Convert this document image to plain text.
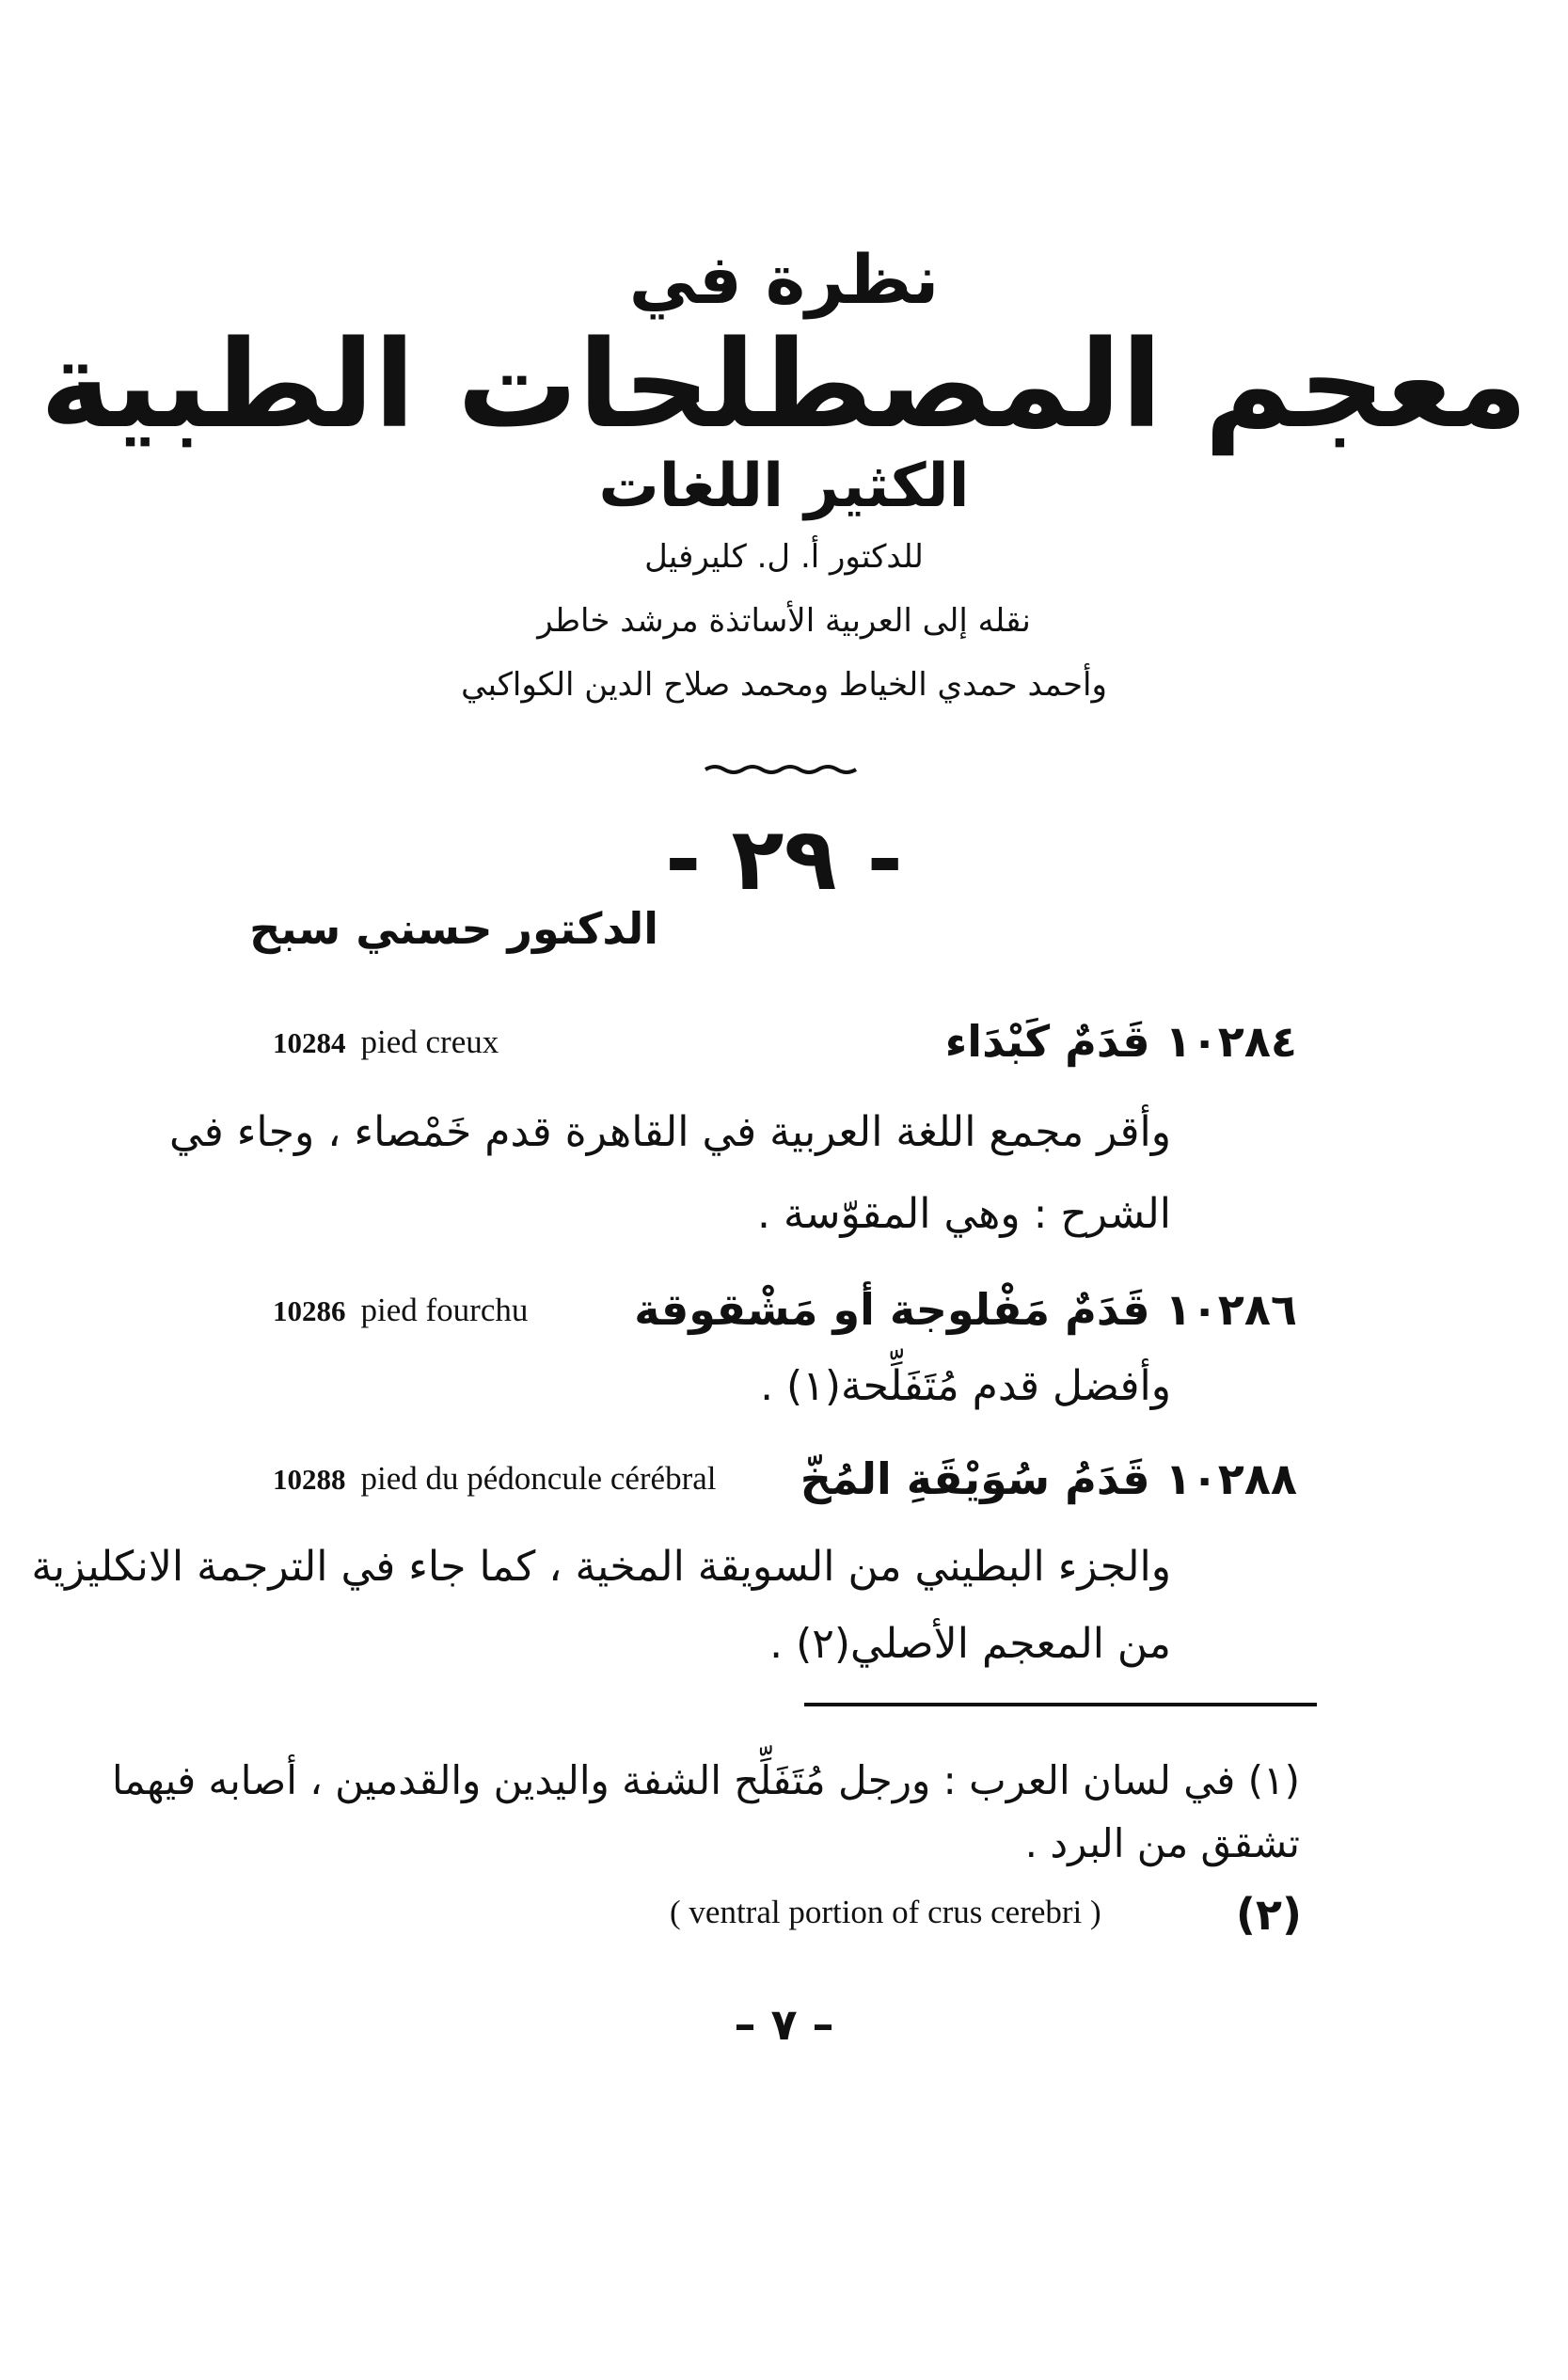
نظرة في
معجم المصطلحات الطبية
الكثير اللغات
للدكتور أ. ل. كليرفيل
نقله إلى العربية الأساتذة مرشد خاطر
وأحمد حمدي الخياط ومحمد صلاح الدين الكواكبي
- ٢٩ -
الدكتور حسني سبح
10284 pied creux	١٠٢٨٤ قَدَمٌ كَبْدَاء
وأقر مجمع اللغة العربية في القاهرة قدم خَمْصاء ، وجاء في
الشرح : وهي المقوّسة .
10286 pied fourchu ١٠٢٨٦ قَدَمٌ مَفْلوجة أو مَشْقوقة
وأفضل قدم مُتَفَلِّحة(١) .
10288 pied du pédoncule cérébral ١٠٢٨٨ قَدَمُ سُوَيْقَةِ المُخّ
والجزء البطيني من السويقة المخية ، كما جاء في الترجمة الانكليزية
من المعجم الأصلي(٢) .
(١) في لسان العرب : ورجل مُتَفَلِّح الشفة واليدين والقدمين ، أصابه فيهما
تشقق من البرد .
(٢)
( ventral portion of crus cerebri )
– ٧ –
